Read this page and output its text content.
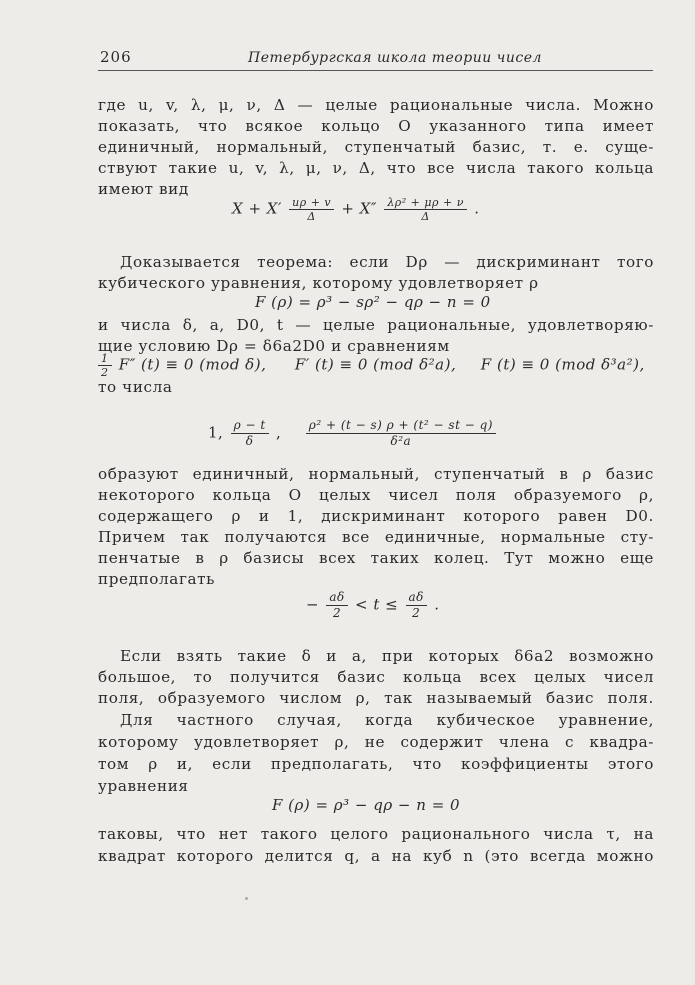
206	Петербургская школа теории чисел
где u, v, λ, μ, ν, Δ — целые рациональные числа. Можно
показать, что всякое кольцо O указанного типа имеет
единичный, нормальный, ступенчатый базис, т. е. суще-
ствуют такие u, v, λ, μ, ν, Δ, что все числа такого кольца
имеют вид
$X + X' \frac{u\rho + v}{\Delta} + X'' \frac{\text{λρ² + μρ + ν}}{\Delta}$ .
Доказывается теорема: если Dρ — дискриминант того
кубического уравнения, которому удовлетворяет ρ
F (ρ) = ρ³ − sρ² − qρ − n = 0
и числа δ, a, D0, t — целые рациональные, удовлетворяю-
щие условию Dρ = δ6a2D0 и сравнениям
$\frac{1}{2} F''$ (t) ≡ 0 (mod δ), F′ (t) ≡ 0 (mod δ²a), F (t) ≡ 0 (mod δ³a²),
то числа
1, $\frac{\rho - t}{\delta}$ , $\frac{\text{ρ² + (t − s) ρ + (t² − st − q)}}{\text{δ²a}}$
образуют единичный, нормальный, ступенчатый в ρ базис
некоторого кольца O целых чисел поля образуемого ρ,
содержащего ρ и 1, дискриминант которого равен D0.
Причем так получаются все единичные, нормальные сту-
пенчатые в ρ базисы всех таких колец. Тут можно еще
предполагать
− $\frac{a\delta}{2} < t \le \frac{a\delta}{2}$ .
Если взять такие δ и a, при которых δ6a2 возможно
большое, то получится базис кольца всех целых чисел
поля, образуемого числом ρ, так называемый базис поля.
Для частного случая, когда кубическое уравнение,
которому удовлетворяет ρ, не содержит члена с квадра-
том ρ и, если предполагать, что коэффициенты этого
уравнения
F (ρ) = ρ³ − qρ − n = 0
таковы, что нет такого целого рационального числа τ, на
квадрат которого делится q, а на куб n (это всегда можно
